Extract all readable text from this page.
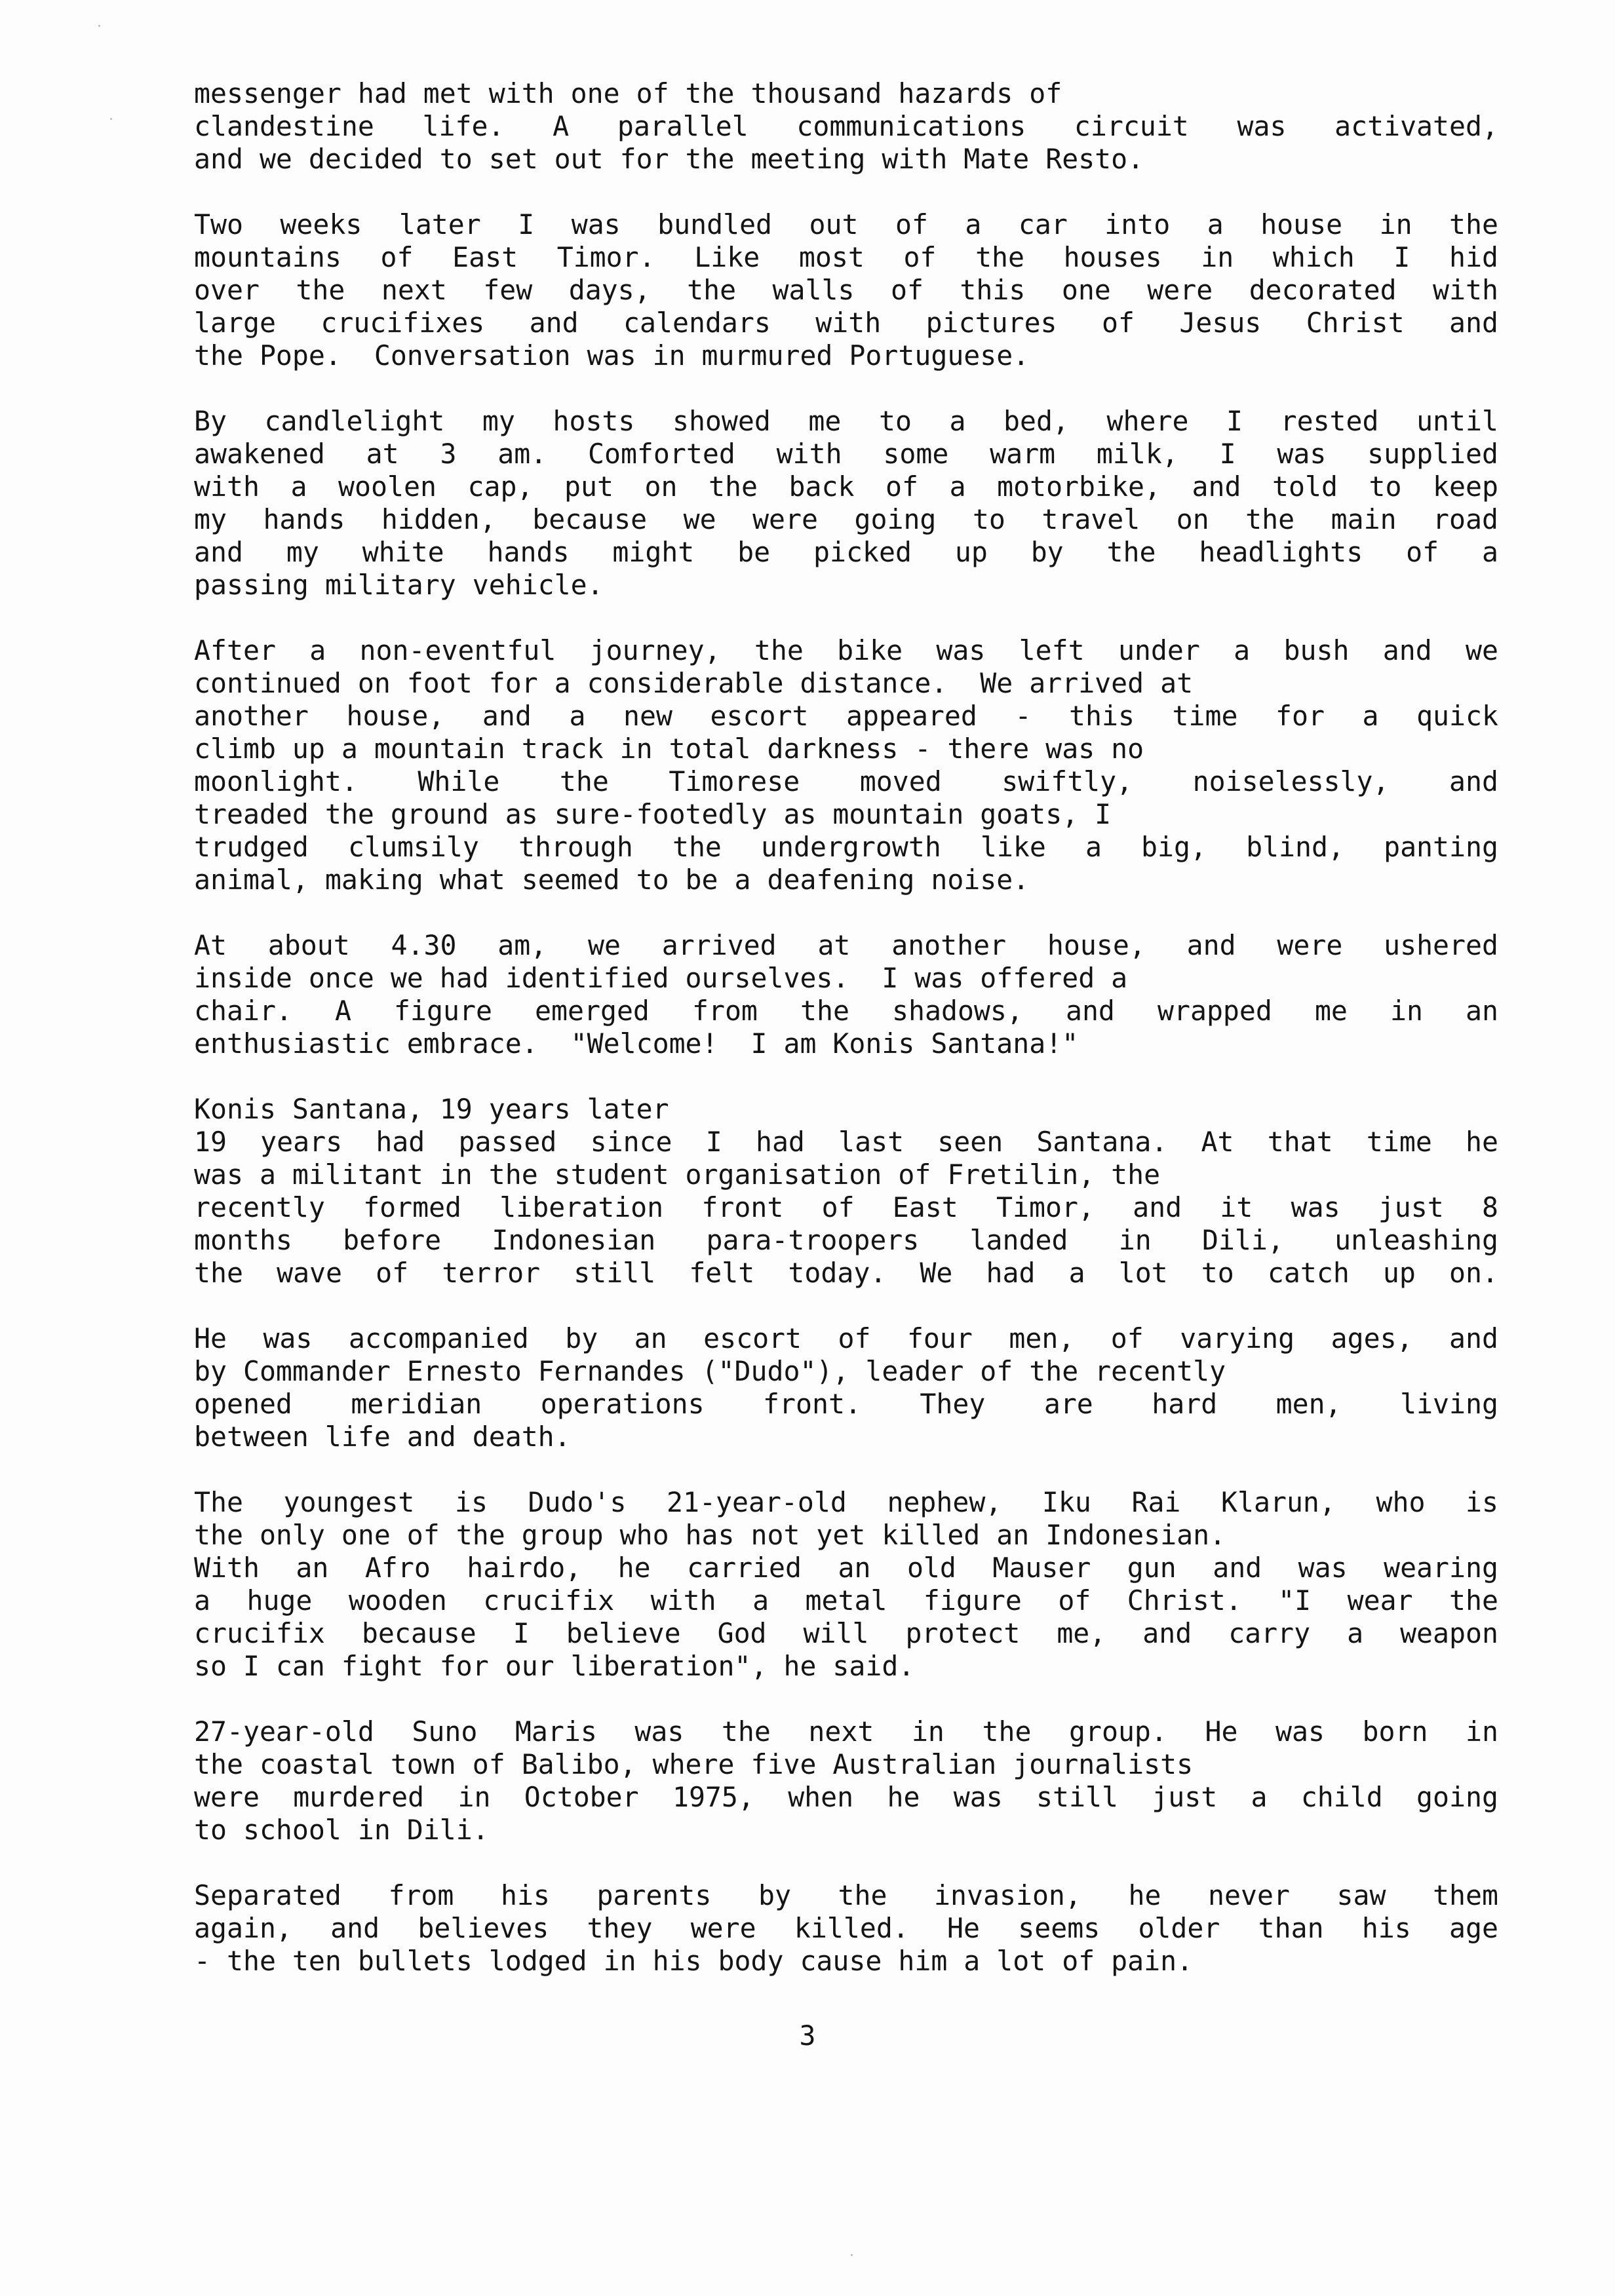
messenger had met with one of the thousand hazards of
clandestine life. A parallel communications circuit was activated,
and we decided to set out for the meeting with Mate Resto.
Two weeks later I was bundled out of a car into a house in the
mountains of East Timor. Like most of the houses in which I hid
over the next few days, the walls of this one were decorated with
large crucifixes and calendars with pictures of Jesus Christ and
the Pope.  Conversation was in murmured Portuguese.
By candlelight my hosts showed me to a bed, where I rested until
awakened at 3 am. Comforted with some warm milk, I was supplied
with a woolen cap, put on the back of a motorbike, and told to keep
my hands hidden, because we were going to travel on the main road
and my white hands might be picked up by the headlights of a
passing military vehicle.
After a non-eventful journey, the bike was left under a bush and we
continued on foot for a considerable distance.  We arrived at
another house, and a new escort appeared - this time for a quick
climb up a mountain track in total darkness - there was no
moonlight. While the Timorese moved swiftly, noiselessly, and
treaded the ground as sure-footedly as mountain goats, I
trudged clumsily through the undergrowth like a big, blind, panting
animal, making what seemed to be a deafening noise.
At about 4.30 am, we arrived at another house, and were ushered
inside once we had identified ourselves.  I was offered a
chair. A figure emerged from the shadows, and wrapped me in an
enthusiastic embrace.  "Welcome!  I am Konis Santana!"
Konis Santana, 19 years later
19 years had passed since I had last seen Santana. At that time he
was a militant in the student organisation of Fretilin, the
recently formed liberation front of East Timor, and it was just 8
months before Indonesian para-troopers landed in Dili, unleashing
the wave of terror still felt today. We had a lot to catch up on.
He was accompanied by an escort of four men, of varying ages, and
by Commander Ernesto Fernandes ("Dudo"), leader of the recently
opened meridian operations front. They are hard men, living
between life and death.
The youngest is Dudo's 21-year-old nephew, Iku Rai Klarun, who is
the only one of the group who has not yet killed an Indonesian.
With an Afro hairdo, he carried an old Mauser gun and was wearing
a huge wooden crucifix with a metal figure of Christ. "I wear the
crucifix because I believe God will protect me, and carry a weapon
so I can fight for our liberation", he said.
27-year-old Suno Maris was the next in the group. He was born in
the coastal town of Balibo, where five Australian journalists
were murdered in October 1975, when he was still just a child going
to school in Dili.
Separated from his parents by the invasion, he never saw them
again, and believes they were killed. He seems older than his age
- the ten bullets lodged in his body cause him a lot of pain.
3
